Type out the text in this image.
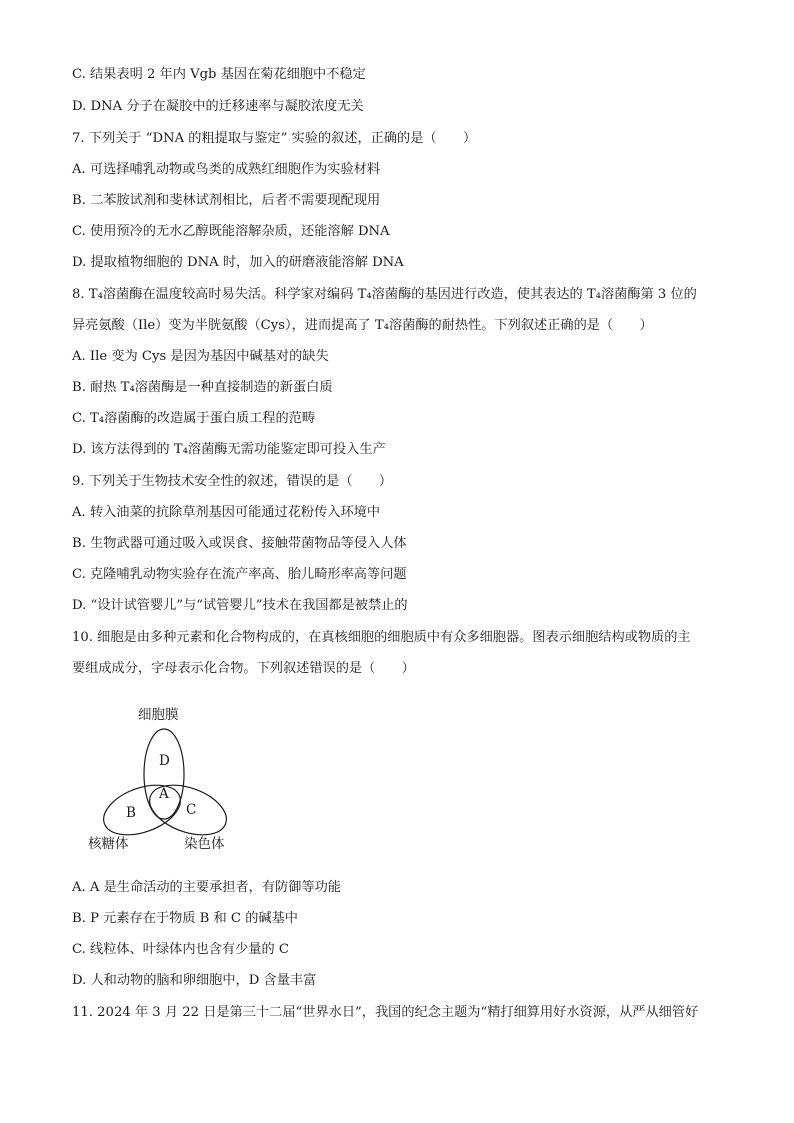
C. 结果表明 2 年内 Vgb 基因在菊花细胞中不稳定
D. DNA 分子在凝胶中的迁移速率与凝胶浓度无关
7. 下列关于 “DNA 的粗提取与鉴定” 实验的叙述，正确的是（　　）
A. 可选择哺乳动物或鸟类的成熟红细胞作为实验材料
B. 二苯胺试剂和斐林试剂相比，后者不需要现配现用
C. 使用预冷的无水乙醇既能溶解杂质，还能溶解 DNA
D. 提取植物细胞的 DNA 时，加入的研磨液能溶解 DNA
8. T₄溶菌酶在温度较高时易失活。科学家对编码 T₄溶菌酶的基因进行改造，使其表达的 T₄溶菌酶第 3 位的
异亮氨酸（Ile）变为半胱氨酸（Cys），进而提高了 T₄溶菌酶的耐热性。下列叙述正确的是（　　）
A. Ile 变为 Cys 是因为基因中碱基对的缺失
B. 耐热 T₄溶菌酶是一种直接制造的新蛋白质
C. T₄溶菌酶的改造属于蛋白质工程的范畴
D. 该方法得到的 T₄溶菌酶无需功能鉴定即可投入生产
9. 下列关于生物技术安全性的叙述，错误的是（　　）
A. 转入油菜的抗除草剂基因可能通过花粉传入环境中
B. 生物武器可通过吸入或误食、接触带菌物品等侵入人体
C. 克隆哺乳动物实验存在流产率高、胎儿畸形率高等问题
D. “设计试管婴儿”与“试管婴儿”技术在我国都是被禁止的
10. 细胞是由多种元素和化合物构成的，在真核细胞的细胞质中有众多细胞器。图表示细胞结构或物质的主
要组成成分，字母表示化合物。下列叙述错误的是（　　）
细胞膜
D
A
B	C
核糖体	染色体
A. A 是生命活动的主要承担者，有防御等功能
B. P 元素存在于物质 B 和 C 的碱基中
C. 线粒体、叶绿体内也含有少量的 C
D. 人和动物的脑和卵细胞中，D 含量丰富
11. 2024 年 3 月 22 日是第三十二届“世界水日”，我国的纪念主题为“精打细算用好水资源，从严从细管好
